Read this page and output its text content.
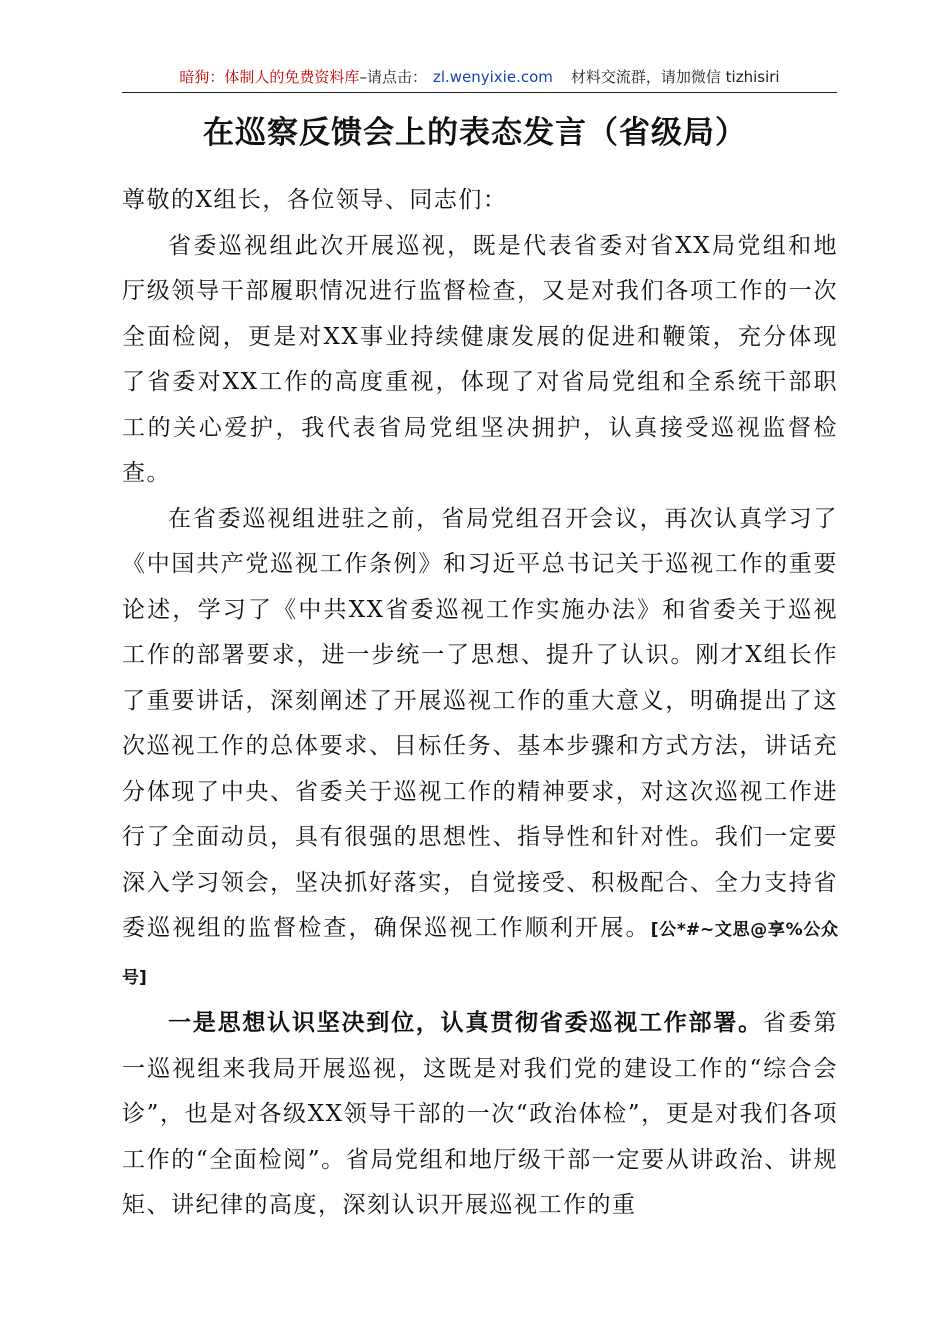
暗狗：体制人的免费资料库–请点击： zl.wenyixie.com 材料交流群，请加微信 tizhisiri
在巡察反馈会上的表态发言（省级局）

尊敬的X组长，各位领导、同志们：

省委巡视组此次开展巡视，既是代表省委对省XX局党组和地厅级领导干部履职情况进行监督检查，又是对我们各项工作的一次全面检阅，更是对XX事业持续健康发展的促进和鞭策，充分体现了省委对XX工作的高度重视，体现了对省局党组和全系统干部职工的关心爱护，我代表省局党组坚决拥护，认真接受巡视监督检查。

在省委巡视组进驻之前，省局党组召开会议，再次认真学习了《中国共产党巡视工作条例》和习近平总书记关于巡视工作的重要论述，学习了《中共XX省委巡视工作实施办法》和省委关于巡视工作的部署要求，进一步统一了思想、提升了认识。刚才X组长作了重要讲话，深刻阐述了开展巡视工作的重大意义，明确提出了这次巡视工作的总体要求、目标任务、基本步骤和方式方法，讲话充分体现了中央、省委关于巡视工作的精神要求，对这次巡视工作进行了全面动员，具有很强的思想性、指导性和针对性。我们一定要深入学习领会，坚决抓好落实，自觉接受、积极配合、全力支持省委巡视组的监督检查，确保巡视工作顺利开展。[公*#~文思@享%公众号]

一是思想认识坚决到位，认真贯彻省委巡视工作部署。省委第一巡视组来我局开展巡视，这既是对我们党的建设工作的“综合会诊”，也是对各级XX领导干部的一次“政治体检”，更是对我们各项工作的“全面检阅”。省局党组和地厅级干部一定要从讲政治、讲规矩、讲纪律的高度，深刻认识开展巡视工作的重
